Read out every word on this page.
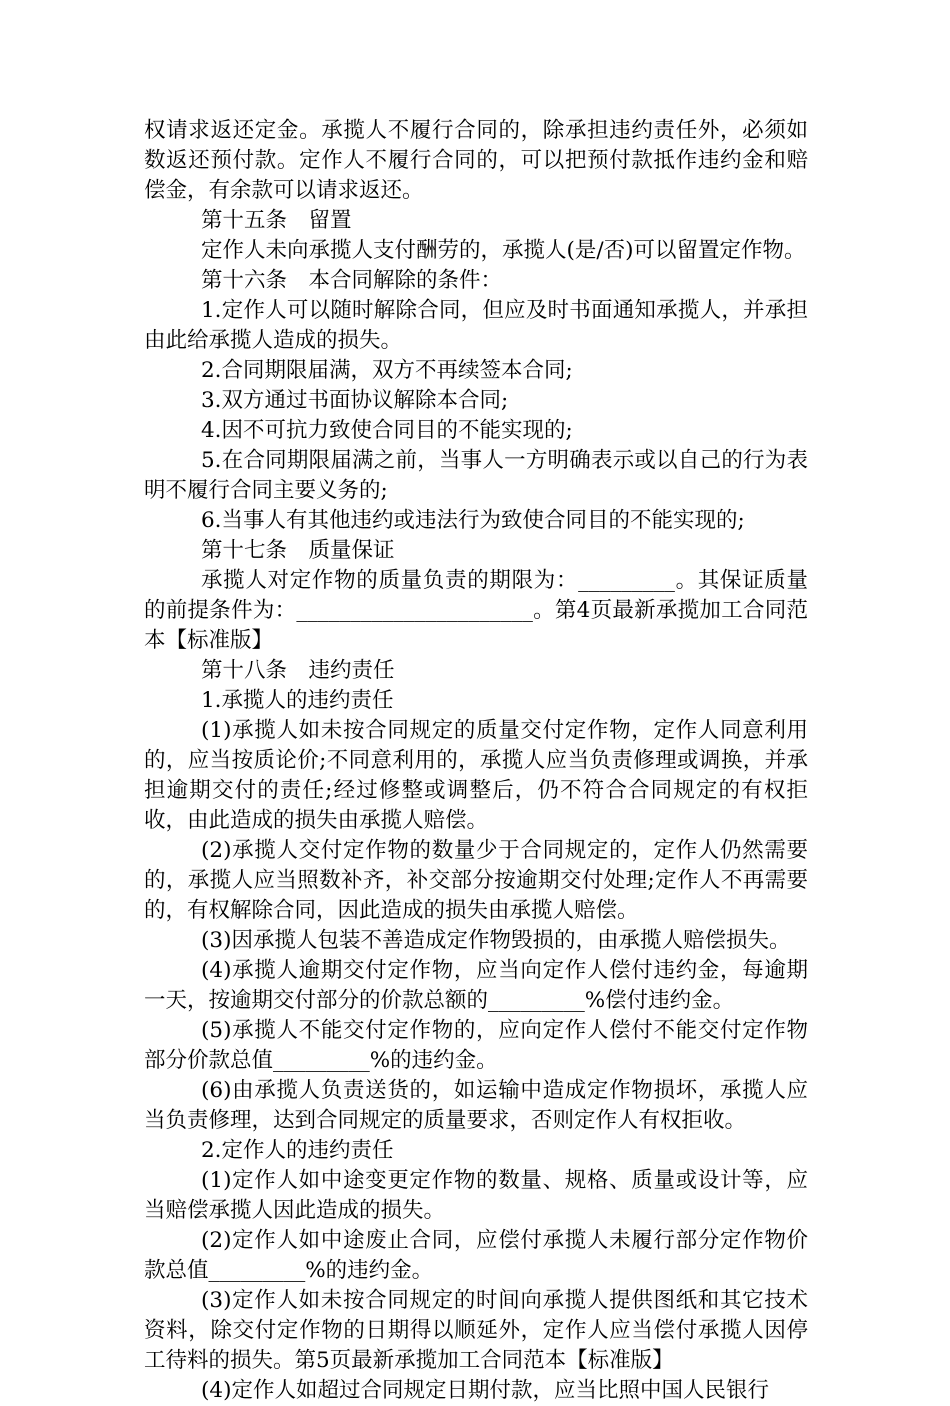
权请求返还定金。承揽人不履行合同的，除承担违约责任外，必须如数返还预付款。定作人不履行合同的，可以把预付款抵作违约金和赔偿金，有余款可以请求返还。

第十五条　留置

定作人未向承揽人支付酬劳的，承揽人(是/否)可以留置定作物。

第十六条　本合同解除的条件：

1.定作人可以随时解除合同，但应及时书面通知承揽人，并承担由此给承揽人造成的损失。

2.合同期限届满，双方不再续签本合同;

3.双方通过书面协议解除本合同;

4.因不可抗力致使合同目的不能实现的;

5.在合同期限届满之前，当事人一方明确表示或以自己的行为表明不履行合同主要义务的;

6.当事人有其他违约或违法行为致使合同目的不能实现的;

第十七条　质量保证

承揽人对定作物的质量负责的期限为：_________。其保证质量的前提条件为：______________________。第4页最新承揽加工合同范本【标准版】

第十八条　违约责任

1.承揽人的违约责任

(1)承揽人如未按合同规定的质量交付定作物，定作人同意利用的，应当按质论价;不同意利用的，承揽人应当负责修理或调换，并承担逾期交付的责任;经过修整或调整后，仍不符合合同规定的有权拒收，由此造成的损失由承揽人赔偿。

(2)承揽人交付定作物的数量少于合同规定的，定作人仍然需要的，承揽人应当照数补齐，补交部分按逾期交付处理;定作人不再需要的，有权解除合同，因此造成的损失由承揽人赔偿。

(3)因承揽人包装不善造成定作物毁损的，由承揽人赔偿损失。

(4)承揽人逾期交付定作物，应当向定作人偿付违约金，每逾期一天，按逾期交付部分的价款总额的_________%偿付违约金。

(5)承揽人不能交付定作物的，应向定作人偿付不能交付定作物部分价款总值_________%的违约金。

(6)由承揽人负责送货的，如运输中造成定作物损坏，承揽人应当负责修理，达到合同规定的质量要求，否则定作人有权拒收。

2.定作人的违约责任

(1)定作人如中途变更定作物的数量、规格、质量或设计等，应当赔偿承揽人因此造成的损失。

(2)定作人如中途废止合同，应偿付承揽人未履行部分定作物价款总值_________%的违约金。

(3)定作人如未按合同规定的时间向承揽人提供图纸和其它技术资料，除交付定作物的日期得以顺延外，定作人应当偿付承揽人因停工待料的损失。第5页最新承揽加工合同范本【标准版】

(4)定作人如超过合同规定日期付款，应当比照中国人民银行
